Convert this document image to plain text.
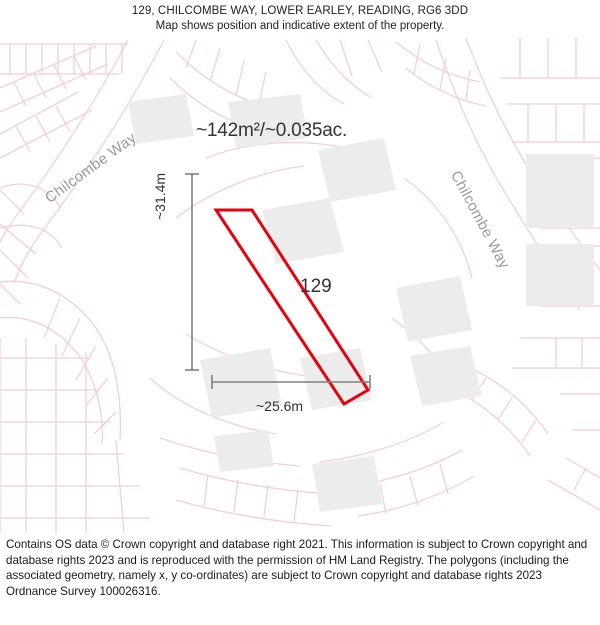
129, CHILCOMBE WAY, LOWER EARLEY, READING, RG6 3DD
Map shows position and indicative extent of the property.
~142m²/~0.035ac.
129
~31.4m
~25.6m
Chilcombe Way	Chilcombe Way

Contains OS data © Crown copyright and database right 2021. This information is subject to Crown copyright and database rights 2023 and is reproduced with the permission of HM Land Registry. The polygons (including the associated geometry, namely x, y co-ordinates) are subject to Crown copyright and database rights 2023 Ordnance Survey 100026316.
